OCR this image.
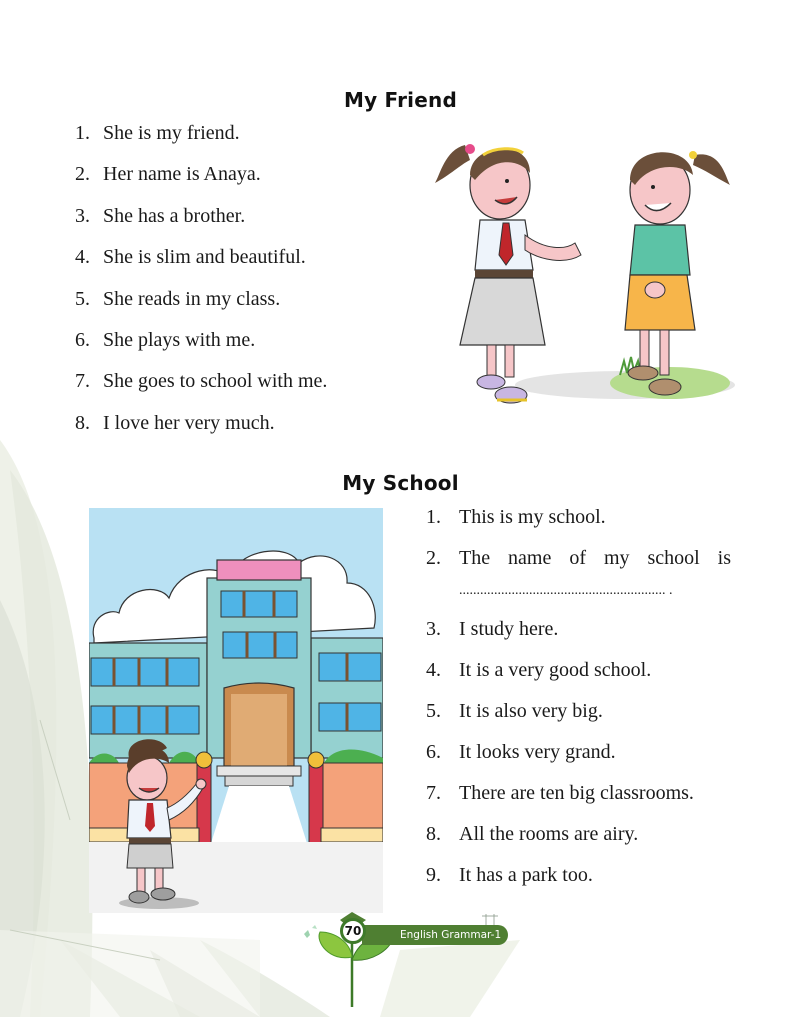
My Friend
1. She is my friend.
2. Her name is Anaya.
3. She has a brother.
4. She is slim and beautiful.
5. She reads in my class.
6. She plays with me.
7. She goes to school with me.
8. I love her very much.
My School
1. This is my school.
2. The name of my school is
........................................................... .
3. I study here.
4. It is a very good school.
5. It is also very big.
6. It looks very grand.
7. There are ten big classrooms.
8. All the rooms are airy.
9. It has a park too.
English Grammar-1
70
